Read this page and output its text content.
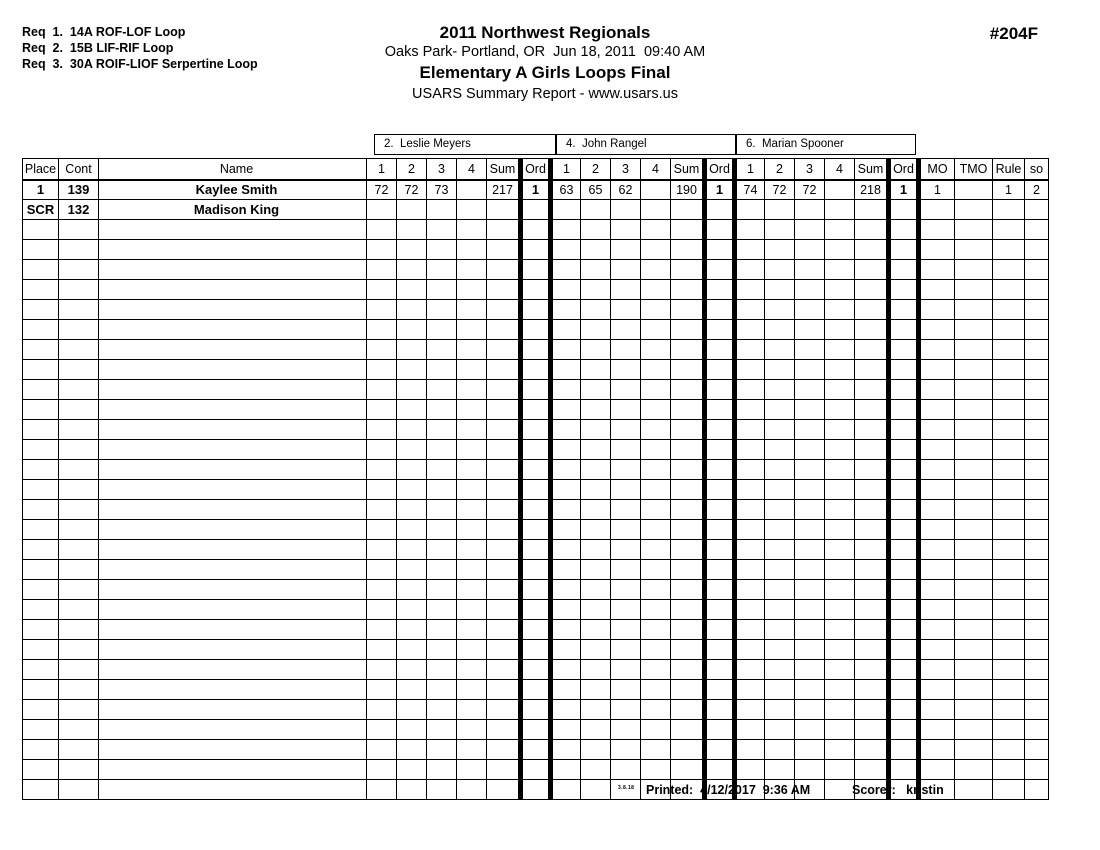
Req  1.  14A ROF-LOF Loop
Req  2.  15B LIF-RIF Loop
Req  3.  30A ROIF-LIOF Serpertine Loop
2011 Northwest Regionals
Oaks Park- Portland, OR  Jun 18, 2011  09:40 AM
Elementary A Girls Loops Final
USARS Summary Report - www.usars.us
#204F
2.  Leslie Meyers	4.  John Rangel	6.  Marian Spooner
Place	Cont	Name	1	2	3	4	Sum	Ord	1	2	3	4	Sum	Ord	1	2	3	4	Sum	Ord	MO	TMO	Rule	so
1	139	Kaylee Smith	72	72	73		217	1	63	65	62		190	1	74	72	72		218	1	1		1	2
SCR	132	Madison King																						

3.8.18 Printed:  4/12/2017  9:36 AM	Scorer:   kristin
